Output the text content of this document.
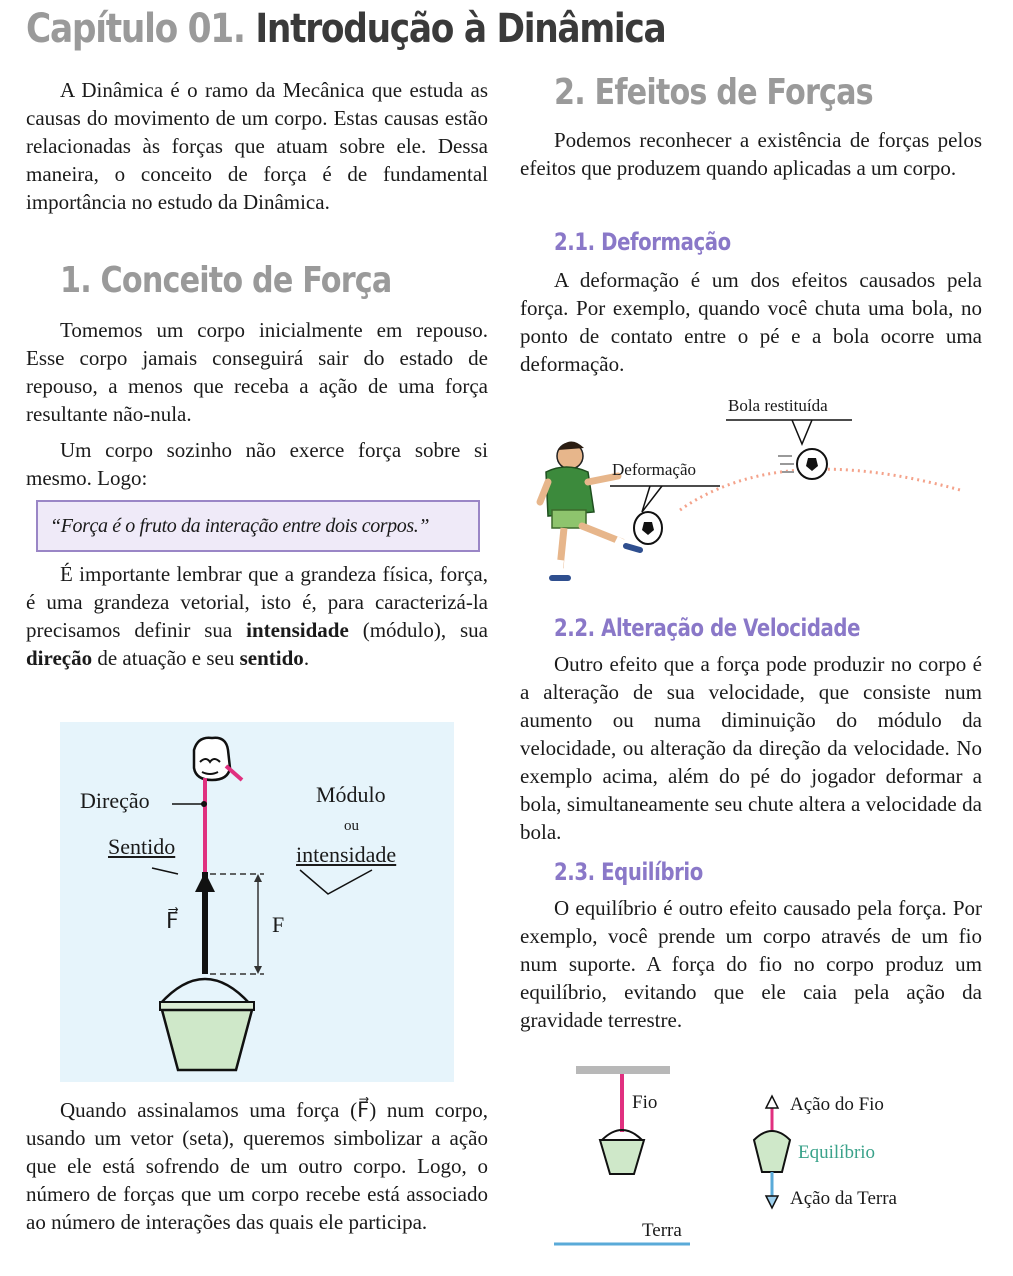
Capítulo 01. Introdução à Dinâmica

A Dinâmica é o ramo da Mecânica que estuda as causas do movimento de um corpo. Estas causas estão relacionadas às forças que atuam sobre ele. Dessa maneira, o conceito de força é de fundamental importância no estudo da Dinâmica.

1. Conceito de Força

Tomemos um corpo inicialmente em repouso. Esse corpo jamais conseguirá sair do estado de repouso, a menos que receba a ação de uma força resultante não-nula.

Um corpo sozinho não exerce força sobre si mesmo. Logo:

“Força é o fruto da interação entre dois corpos.”

É importante lembrar que a grandeza física, força, é uma grandeza vetorial, isto é, para caracterizá-la precisamos definir sua intensidade (módulo), sua direção de atuação e seu sentido.

Quando assinalamos uma força (F⃗) num corpo, usando um vetor (seta), queremos simbolizar a ação que ele está sofrendo de um outro corpo. Logo, o número de forças que um corpo recebe está associado ao número de interações das quais ele participa.

Direção
Sentido
Módulo
ou
intensidade
F⃗	F
2. Efeitos de Forças

Podemos reconhecer a existência de forças pelos efeitos que produzem quando aplicadas a um corpo.

2.1. Deformação

A deformação é um dos efeitos causados pela força. Por exemplo, quando você chuta uma bola, no ponto de contato entre o pé e a bola ocorre uma deformação.

2.2. Alteração de Velocidade

Outro efeito que a força pode produzir no corpo é a alteração de sua velocidade, que consiste num aumento ou numa diminuição do módulo da velocidade, ou alteração da direção da velocidade. No exemplo acima, além do pé do jogador deformar a bola, simultaneamente seu chute altera a velocidade da bola.

2.3. Equilíbrio

O equilíbrio é outro efeito causado pela força. Por exemplo, você prende um corpo através de um fio num suporte. A força do fio no corpo produz um equilíbrio, evitando que ele caia pela ação da gravidade terrestre.

Bola restituída
Deformação
Fio
Terra
Ação do Fio
Equilíbrio
Ação da Terra
